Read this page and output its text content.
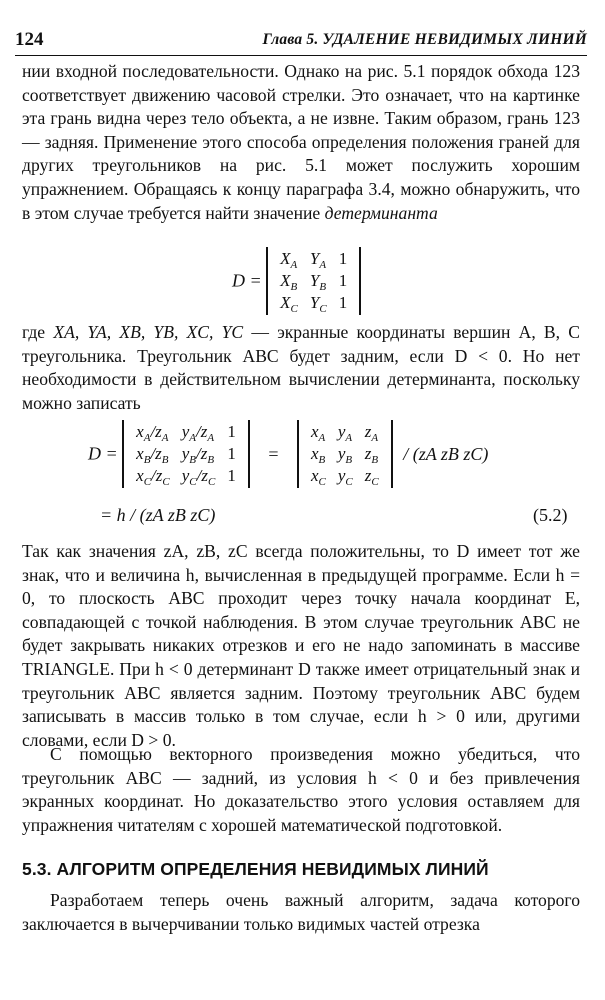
124	Глава 5. УДАЛЕНИЕ НЕВИДИМЫХ ЛИНИЙ

нии входной последовательности. Однако на рис. 5.1 порядок обхода 123 соответствует движению часовой стрелки. Это означает, что на картинке эта грань видна через тело объекта, а не извне. Таким образом, грань 123 — задняя. Применение этого способа определения положения граней для других треугольников на рис. 5.1 может послужить хорошим упражнением. Обращаясь к концу параграфа 3.4, можно обнаружить, что в этом случае требуется найти значение детерминанта

D =
$X_A$	$Y_A$	1
$X_B$	$Y_B$	1
$X_C$	$Y_C$	1

где XA, YA, XB, YB, XC, YC — экранные координаты вершин A, B, C треугольника. Треугольник ABC будет задним, если D < 0. Но нет необходимости в действительном вычислении детерминанта, поскольку можно записать

D =
$x_A/z_A$	$y_A/z_A$	1
$x_B/z_B$	$y_B/z_B$	1
$x_C/z_C$	$y_C/z_C$	1
=
$x_A$	$y_A$	$z_A$
$x_B$	$y_B$	$z_B$
$x_C$	$y_C$	$z_C$
/ (zA zB zC)
= h / (zA zB zC)	(5.2)

Так как значения zA, zB, zC всегда положительны, то D имеет тот же знак, что и величина h, вычисленная в предыдущей программе. Если h = 0, то плоскость ABC проходит через точку начала координат E, совпадающей с точкой наблюдения. В этом случае треугольник ABC не будет закрывать никаких отрезков и его не надо запоминать в массиве TRIANGLE. При h < 0 детерминант D также имеет отрицательный знак и треугольник ABC является задним. Поэтому треугольник ABC будем записывать в массив только в том случае, если h > 0 или, другими словами, если D > 0.

С помощью векторного произведения можно убедиться, что треугольник ABC — задний, из условия h < 0 и без привлечения экранных координат. Но доказательство этого условия оставляем для упражнения читателям с хорошей математической подготовкой.

5.3. АЛГОРИТМ ОПРЕДЕЛЕНИЯ НЕВИДИМЫХ ЛИНИЙ

Разработаем теперь очень важный алгоритм, задача которого заключается в вычерчивании только видимых частей отрезка
